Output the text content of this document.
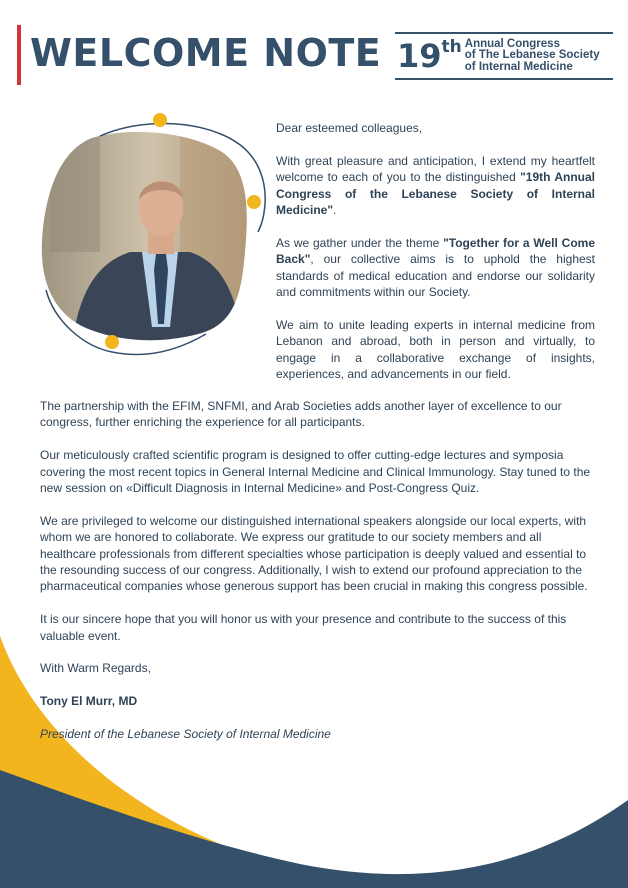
WELCOME NOTE 19 th Annual Congress
of The Lebanese Society
of Internal Medicine

Dear esteemed colleagues,

With great pleasure and anticipation, I extend my heartfelt welcome to each of you to the distinguished "19th Annual Congress of the Lebanese Society of Internal Medicine".

As we gather under the theme "Together for a Well Come Back", our collective aims is to uphold the highest standards of medical education and endorse our solidarity and commitments within our Society.

We aim to unite leading experts in internal medicine from Lebanon and abroad, both in person and virtually, to engage in a collaborative exchange of insights, experiences, and advancements in our field.

The partnership with the EFIM, SNFMI, and Arab Societies adds another layer of excellence to our congress, further enriching the experience for all participants.

Our meticulously crafted scientific program is designed to offer cutting-edge lectures and symposia covering the most recent topics in General Internal Medicine and Clinical Immunology. Stay tuned to the new session on «Difficult Diagnosis in Internal Medicine» and Post-Congress Quiz.

We are privileged to welcome our distinguished international speakers alongside our local experts, with whom we are honored to collaborate. We express our gratitude to our society members and all healthcare professionals from different specialties whose participation is deeply valued and essential to the resounding success of our congress. Additionally, I wish to extend our profound appreciation to the pharmaceutical companies whose generous support has been crucial in making this congress possible.

It is our sincere hope that you will honor us with your presence and contribute to the success of this valuable event.

With Warm Regards,

Tony El Murr, MD

President of the Lebanese Society of Internal Medicine
